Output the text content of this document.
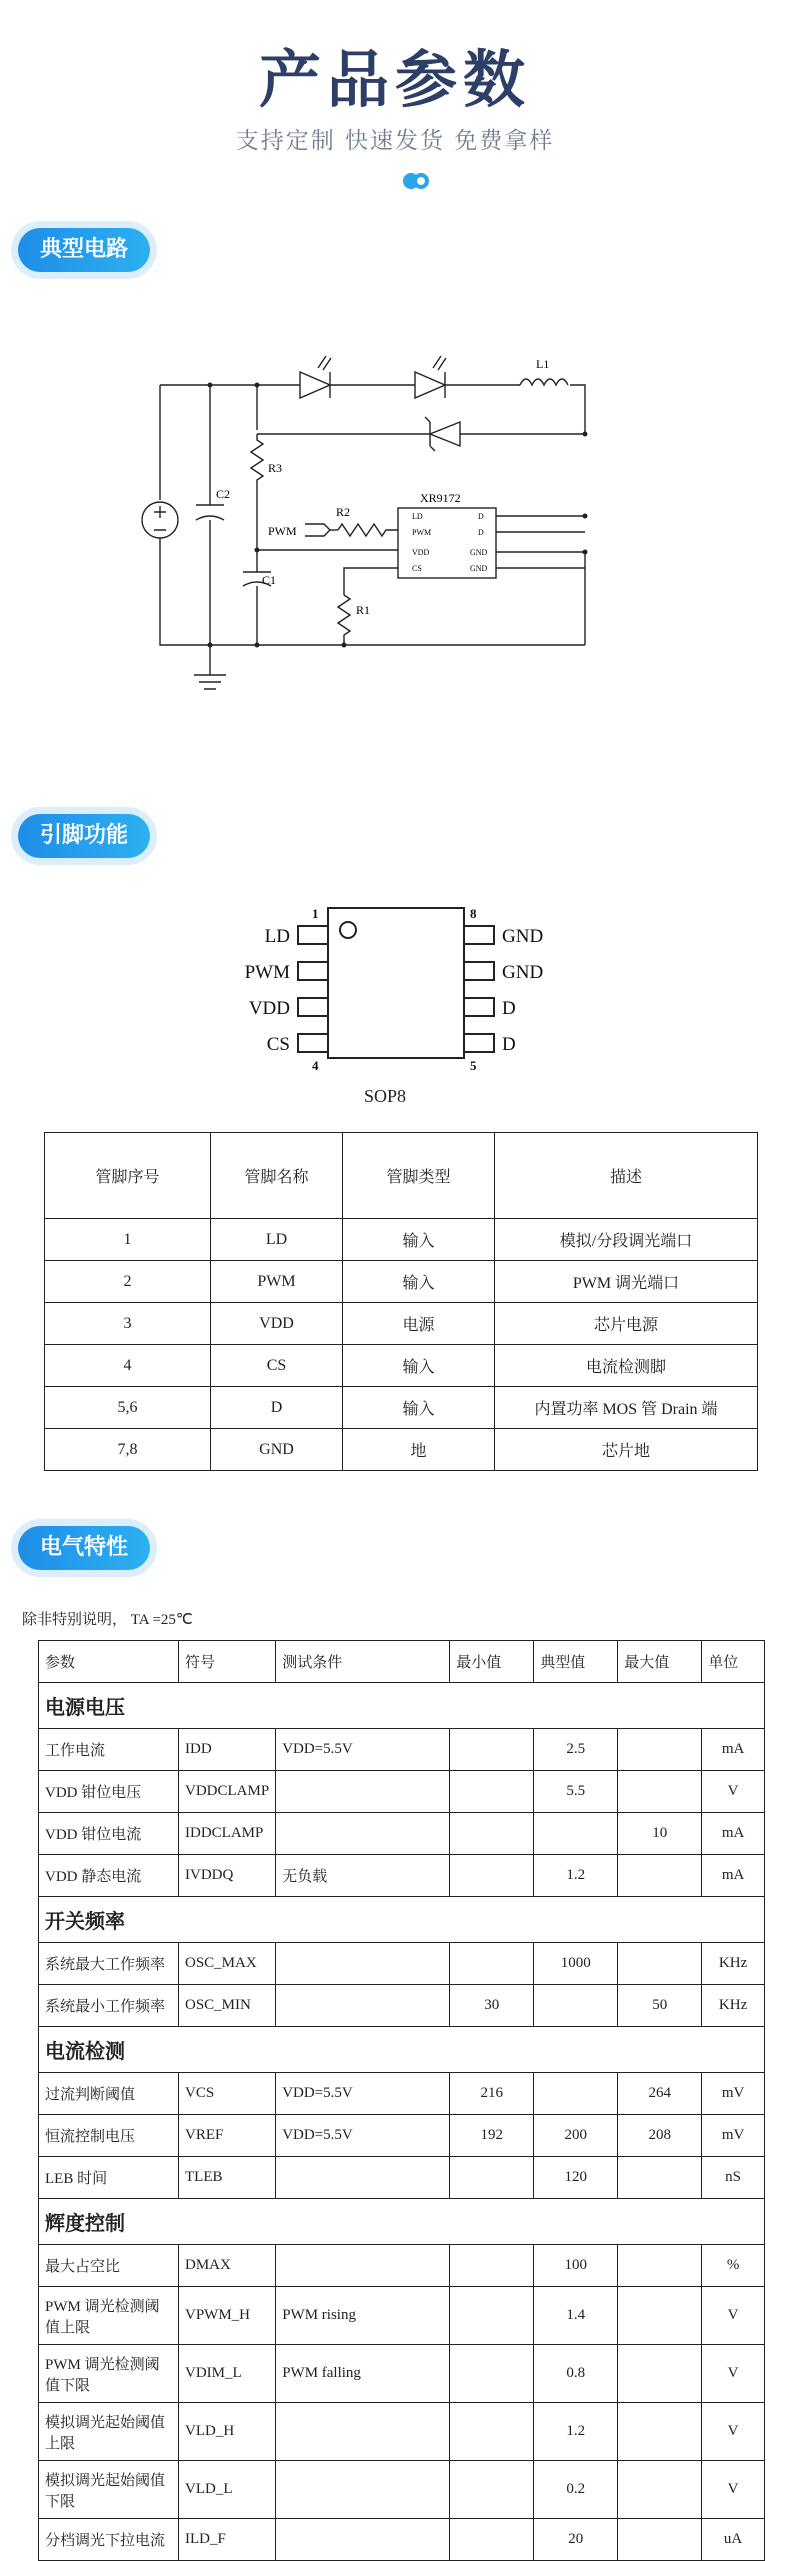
产品参数
支持定制 快速发货 免费拿样
典型电路
L1
C2
R3
C1
R2
R1
PWM
XR9172
LD
PWM
VDD
CS
D
D
GND
GND
引脚功能
LD
PWM
VDD
CS
GND
GND
D
D
1	8
4	5
SOP8
管脚序号	管脚名称	管脚类型	描述
1	LD	输入	模拟/分段调光端口
2	PWM	输入	PWM 调光端口
3	VDD	电源	芯片电源
4	CS	输入	电流检测脚
5,6	D	输入	内置功率 MOS 管 Drain 端
7,8	GND	地	芯片地
电气特性
除非特别说明， TA =25℃
参数	符号	测试条件	最小值	典型值	最大值	单位
电源电压						
工作电流	IDD	VDD=5.5V		2.5		mA
VDD 钳位电压	VDDCLAMP			5.5		V
VDD 钳位电流	IDDCLAMP				10	mA
VDD 静态电流	IVDDQ	无负载		1.2		mA
开关频率						
系统最大工作频率	OSC_MAX			1000		KHz
系统最小工作频率	OSC_MIN		30		50	KHz
电流检测						
过流判断阈值	VCS	VDD=5.5V	216		264	mV
恒流控制电压	VREF	VDD=5.5V	192	200	208	mV
LEB 时间	TLEB			120		nS
辉度控制						
最大占空比	DMAX			100		%
PWM 调光检测阈值上限	VPWM_H	PWM rising		1.4		V
PWM 调光检测阈值下限	VDIM_L	PWM falling		0.8		V
模拟调光起始阈值上限	VLD_H			1.2		V
模拟调光起始阈值下限	VLD_L			0.2		V
分档调光下拉电流	ILD_F			20		uA
